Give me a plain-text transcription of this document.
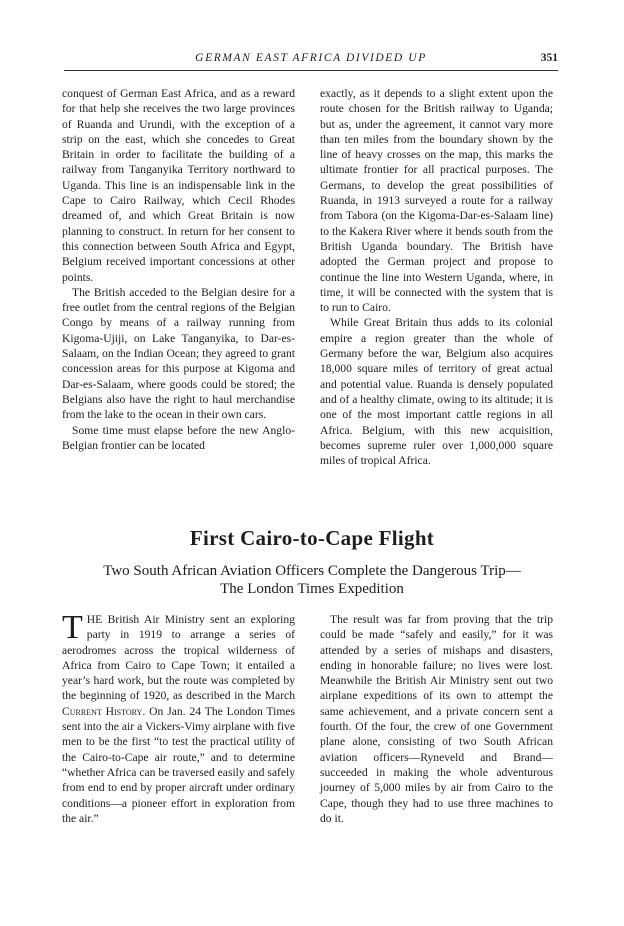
GERMAN EAST AFRICA DIVIDED UP	351

conquest of German East Africa, and as a reward for that help she receives the two large provinces of Ruanda and Urundi, with the exception of a strip on the east, which she concedes to Great Britain in order to facilitate the building of a railway from Tanganyika Territory northward to Uganda. This line is an indispensable link in the Cape to Cairo Railway, which Cecil Rhodes dreamed of, and which Great Britain is now planning to construct. In return for her consent to this connection between South Africa and Egypt, Belgium received important concessions at other points.

The British acceded to the Belgian desire for a free outlet from the central regions of the Belgian Congo by means of a railway running from Kigoma-Ujiji, on Lake Tanganyika, to Dar-es-Salaam, on the Indian Ocean; they agreed to grant concession areas for this purpose at Kigoma and Dar-es-Salaam, where goods could be stored; the Belgians also have the right to haul merchandise from the lake to the ocean in their own cars.

Some time must elapse before the new Anglo-Belgian frontier can be located

exactly, as it depends to a slight extent upon the route chosen for the British railway to Uganda; but as, under the agreement, it cannot vary more than ten miles from the boundary shown by the line of heavy crosses on the map, this marks the ultimate frontier for all practical purposes. The Germans, to develop the great possibilities of Ruanda, in 1913 surveyed a route for a railway from Tabora (on the Kigoma-Dar-es-Salaam line) to the Kakera River where it bends south from the British Uganda boundary. The British have adopted the German project and propose to continue the line into Western Uganda, where, in time, it will be connected with the system that is to run to Cairo.

While Great Britain thus adds to its colonial empire a region greater than the whole of Germany before the war, Belgium also acquires 18,000 square miles of territory of great actual and potential value. Ruanda is densely populated and of a healthy climate, owing to its altitude; it is one of the most important cattle regions in all Africa. Belgium, with this new acquisition, becomes supreme ruler over 1,000,000 square miles of tropical Africa.

First Cairo-to-Cape Flight
Two South African Aviation Officers Complete the Dangerous Trip—
The London Times Expedition

THE British Air Ministry sent an exploring party in 1919 to arrange a series of aerodromes across the tropical wilderness of Africa from Cairo to Cape Town; it entailed a year’s hard work, but the route was completed by the beginning of 1920, as described in the March Current History. On Jan. 24 The London Times sent into the air a Vickers-Vimy airplane with five men to be the first “to test the practical utility of the Cairo-to-Cape air route,” and to determine “whether Africa can be traversed easily and safely from end to end by proper aircraft under ordinary conditions—a pioneer effort in exploration from the air.”

The result was far from proving that the trip could be made “safely and easily,” for it was attended by a series of mishaps and disasters, ending in honorable failure; no lives were lost. Meanwhile the British Air Ministry sent out two airplane expeditions of its own to attempt the same achievement, and a private concern sent a fourth. Of the four, the crew of one Government plane alone, consisting of two South African aviation officers—Ryneveld and Brand—succeeded in making the whole adventurous journey of 5,000 miles by air from Cairo to the Cape, though they had to use three machines to do it.
